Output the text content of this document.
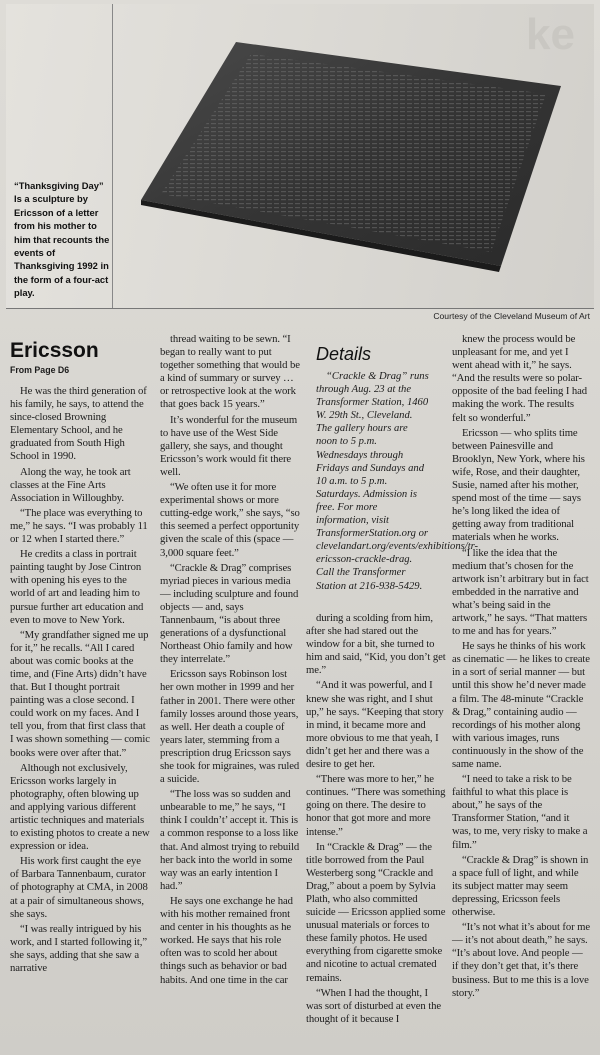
ke
“Thanksgiving Day” Is a sculpture by Ericsson of a letter from his mother to him that recounts the events of Thanksgiving 1992 in the form of a four-act play.
Courtesy of the Cleveland Museum of Art
Ericsson
From Page D6

He was the third generation of his family, he says, to attend the since-closed Browning Elementary School, and he graduated from South High School in 1990.

Along the way, he took art classes at the Fine Arts Association in Willoughby.

“The place was everything to me,” he says. “I was probably 11 or 12 when I started there.”

He credits a class in portrait painting taught by Jose Cintron with opening his eyes to the world of art and leading him to pursue further art education and even to move to New York.

“My grandfather signed me up for it,” he recalls. “All I cared about was comic books at the time, and (Fine Arts) didn’t have that. But I thought portrait painting was a close second. I could work on my faces. And I tell you, from that first class that I was shown something — comic books were over after that.”

Although not exclusively, Ericsson works largely in photography, often blowing up and applying various different artistic techniques and materials to existing photos to create a new expression or idea.

His work first caught the eye of Barbara Tannenbaum, curator of photography at CMA, in 2008 at a pair of simultaneous shows, she says.

“I was really intrigued by his work, and I started following it,” she says, adding that she saw a narrative

thread waiting to be sewn. “I began to really want to put together something that would be a kind of summary or survey … or retrospective look at the work that goes back 15 years.”

It’s wonderful for the museum to have use of the West Side gallery, she says, and thought Ericsson’s work would fit there well.

“We often use it for more experimental shows or more cutting-edge work,” she says, “so this seemed a perfect opportunity given the scale of this (space — 3,000 square feet.”

“Crackle & Drag” comprises myriad pieces in various media — including sculpture and found objects — and, says Tannenbaum, “is about three generations of a dysfunctional Northeast Ohio family and how they interrelate.”

Ericsson says Robinson lost her own mother in 1999 and her father in 2001. There were other family losses around those years, as well. Her death a couple of years later, stemming from a prescription drug Ericsson says she took for migraines, was ruled a suicide.

“The loss was so sudden and unbearable to me,” he says, “I think I couldn’t’ accept it. This is a common response to a loss like that. And almost trying to rebuild her back into the world in some way was an early intention I had.”

He says one exchange he had with his mother remained front and center in his thoughts as he worked. He says that his role often was to scold her about things such as behavior or bad habits. And one time in the car

Details

“Crackle & Drag” runs through Aug. 23 at the Transformer Station, 1460 W. 29th St., Cleveland. The gallery hours are noon to 5 p.m. Wednesdays through Fridays and Sundays and 10 a.m. to 5 p.m. Saturdays. Admission is free. For more information, visit TransformerStation.org or clevelandart.org/events/exhibitions/tr-ericsson-crackle-drag. Call the Transformer Station at 216-938-5429.

during a scolding from him, after she had stared out the window for a bit, she turned to him and said, “Kid, you don’t get me.”

“And it was powerful, and I knew she was right, and I shut up,” he says. “Keeping that story in mind, it became more and more obvious to me that yeah, I didn’t get her and there was a desire to get her.

“There was more to her,” he continues. “There was something going on there. The desire to honor that got more and more intense.”

In “Crackle & Drag” — the title borrowed from the Paul Westerberg song “Crackle and Drag,” about a poem by Sylvia Plath, who also committed suicide — Ericsson applied some unusual materials or forces to these family photos. He used everything from cigarette smoke and nicotine to actual cremated remains.

“When I had the thought, I was sort of disturbed at even the thought of it because I

knew the process would be unpleasant for me, and yet I went ahead with it,” he says. “And the results were so polar-opposite of the bad feeling I had making the work. The results felt so wonderful.”

Ericsson — who splits time between Painesville and Brooklyn, New York, where his wife, Rose, and their daughter, Susie, named after his mother, spend most of the time — says he’s long liked the idea of getting away from traditional materials when he works.

“I like the idea that the medium that’s chosen for the artwork isn’t arbitrary but in fact embedded in the narrative and what’s being said in the artwork,” he says. “That matters to me and has for years.”

He says he thinks of his work as cinematic — he likes to create in a sort of serial manner — but until this show he’d never made a film. The 48-minute “Crackle & Drag,” containing audio — recordings of his mother along with various images, runs continuously in the show of the same name.

“I need to take a risk to be faithful to what this place is about,” he says of the Transformer Station, “and it was, to me, very risky to make a film.”

“Crackle & Drag” is shown in a space full of light, and while its subject matter may seem depressing, Ericsson feels otherwise.

“It’s not what it’s about for me — it’s not about death,” he says. “It’s about love. And people — if they don’t get that, it’s there business. But to me this is a love story.”
